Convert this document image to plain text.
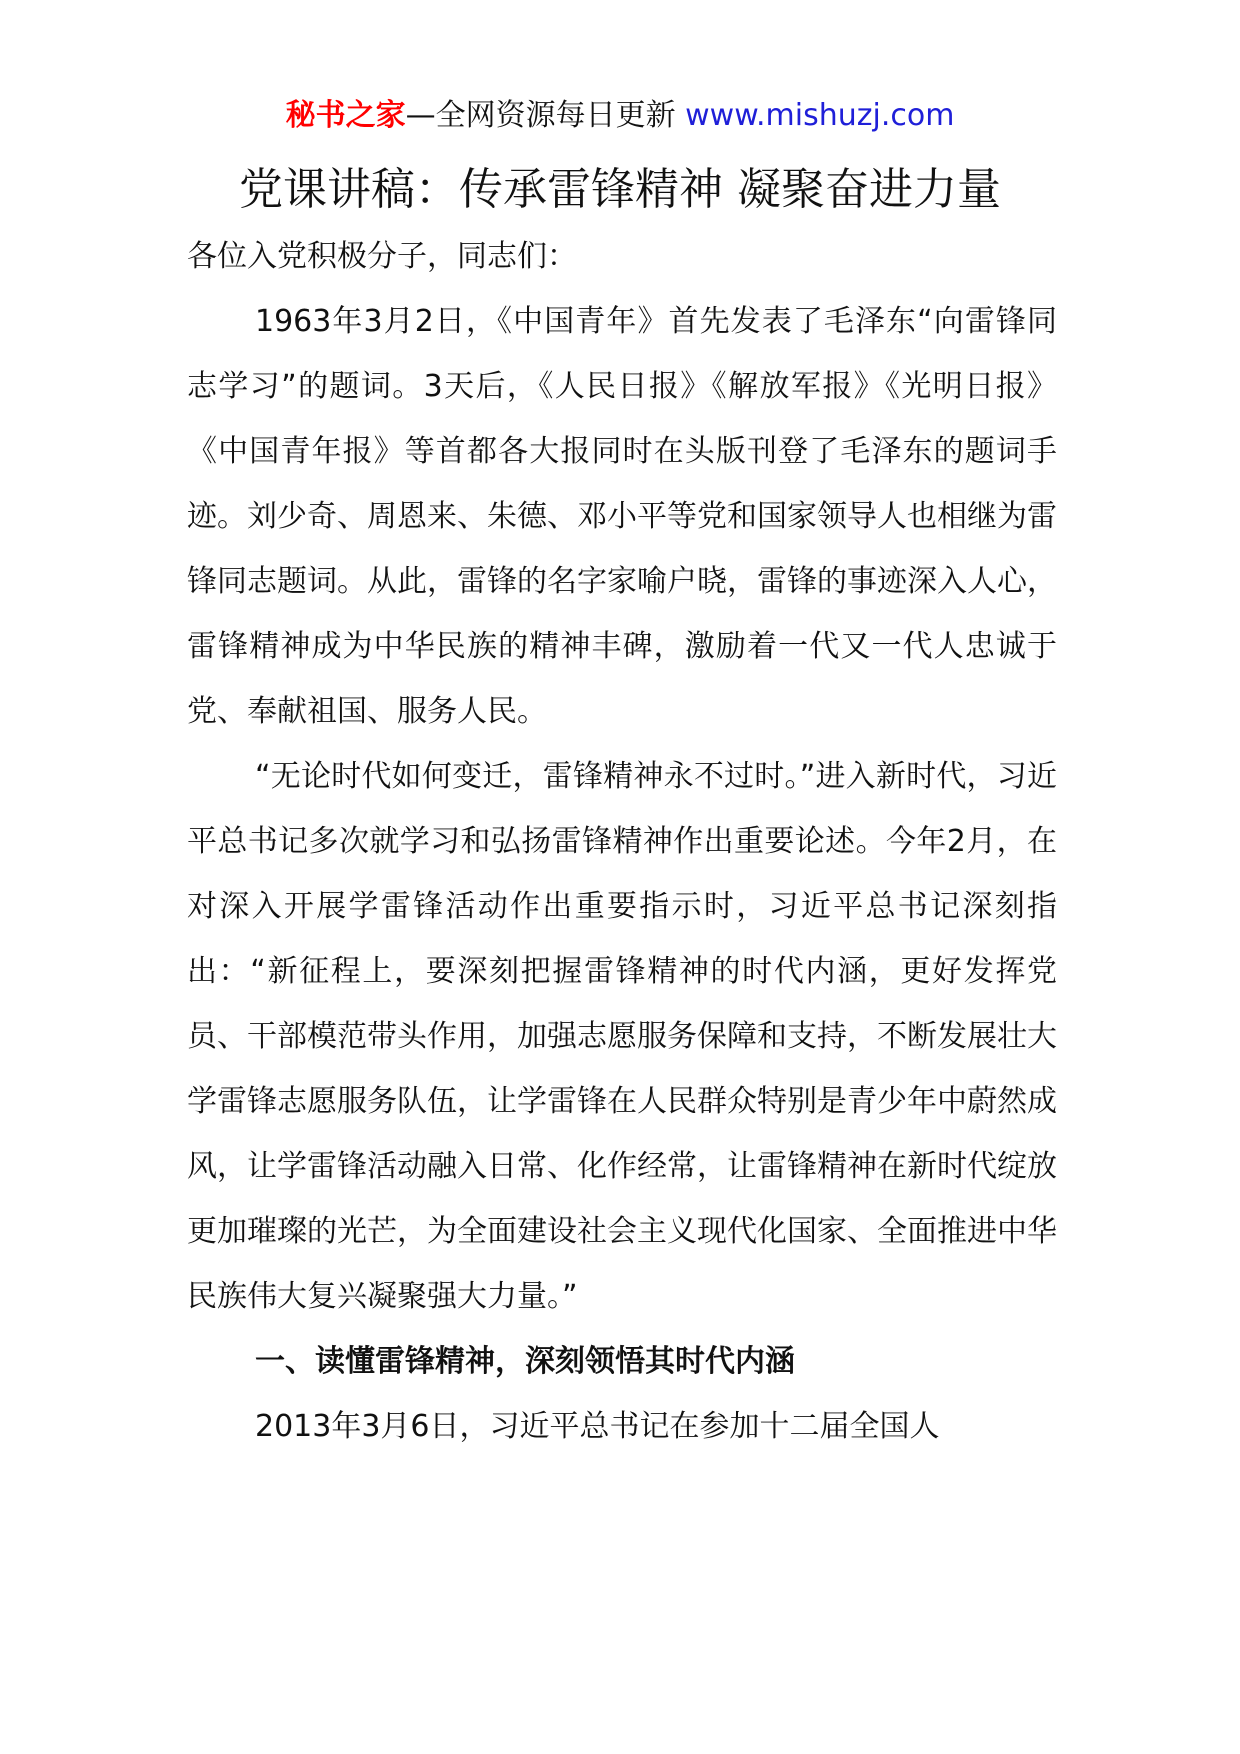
秘书之家—全网资源每日更新 www.mishuzj.com
党课讲稿：传承雷锋精神 凝聚奋进力量

各位入党积极分子，同志们：

1963年3月2日，《中国青年》首先发表了毛泽东“向雷锋同志学习”的题词。3天后，《人民日报》《解放军报》《光明日报》《中国青年报》等首都各大报同时在头版刊登了毛泽东的题词手迹。刘少奇、周恩来、朱德、邓小平等党和国家领导人也相继为雷锋同志题词。从此，雷锋的名字家喻户晓，雷锋的事迹深入人心，雷锋精神成为中华民族的精神丰碑，激励着一代又一代人忠诚于党、奉献祖国、服务人民。

“无论时代如何变迁，雷锋精神永不过时。”进入新时代，习近平总书记多次就学习和弘扬雷锋精神作出重要论述。今年2月，在对深入开展学雷锋活动作出重要指示时，习近平总书记深刻指出：“新征程上，要深刻把握雷锋精神的时代内涵，更好发挥党员、干部模范带头作用，加强志愿服务保障和支持，不断发展壮大学雷锋志愿服务队伍，让学雷锋在人民群众特别是青少年中蔚然成风，让学雷锋活动融入日常、化作经常，让雷锋精神在新时代绽放更加璀璨的光芒，为全面建设社会主义现代化国家、全面推进中华民族伟大复兴凝聚强大力量。”

一、读懂雷锋精神，深刻领悟其时代内涵

2013年3月6日，习近平总书记在参加十二届全国人
